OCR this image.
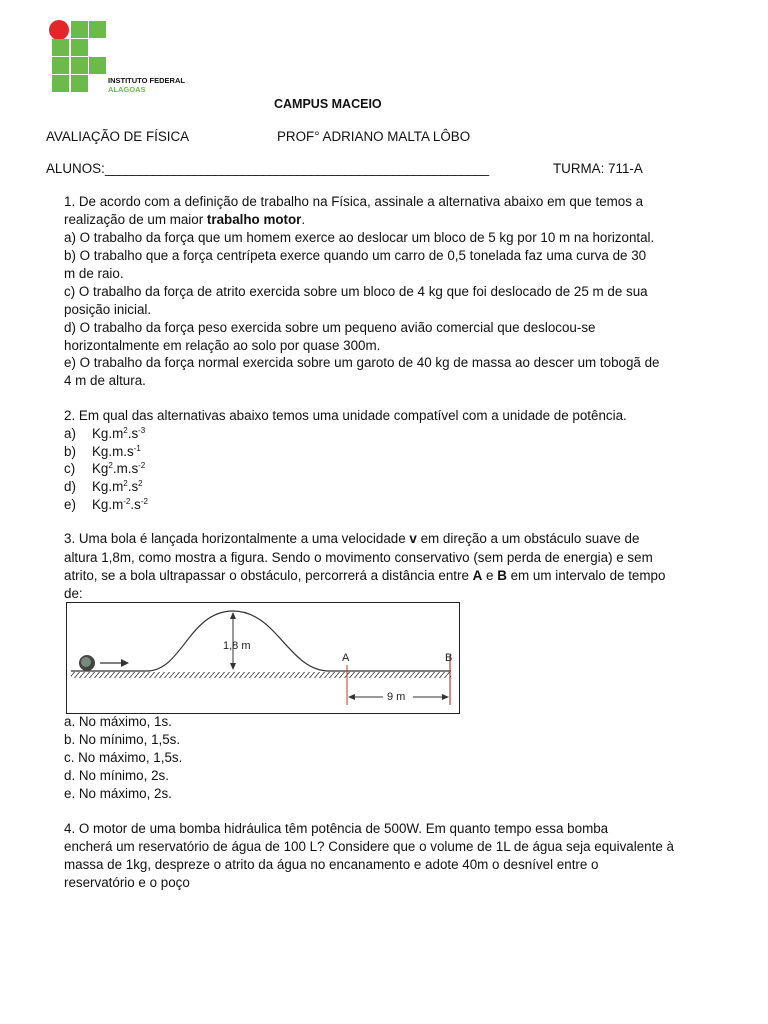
INSTITUTO FEDERAL
ALAGOAS
CAMPUS MACEIO
AVALIAÇÃO DE FÍSICA	PROF° ADRIANO MALTA LÔBO
ALUNOS: ________________________________________________________	TURMA: 711-A
1. De acordo com a definição de trabalho na Física, assinale a alternativa abaixo em que temos a
realização de um maior trabalho motor.
a) O trabalho da força que um homem exerce ao deslocar um bloco de 5 kg por 10 m na horizontal.
b) O trabalho que a força centrípeta exerce quando um carro de 0,5 tonelada faz uma curva de 30
m de raio.
c) O trabalho da força de atrito exercida sobre um bloco de 4 kg que foi deslocado de 25 m de sua
posição inicial.
d) O trabalho da força peso exercida sobre um pequeno avião comercial que deslocou-se
horizontalmente em relação ao solo por quase 300m.
e) O trabalho da força normal exercida sobre um garoto de 40 kg de massa ao descer um tobogã de
4 m de altura.
2. Em qual das alternativas abaixo temos uma unidade compatível com a unidade de potência.
a) $Kg.m^2.s^{-3}$
b) $Kg.m.s^{-1}$
c) $Kg^2.m.s^{-2}$
d) $Kg.m^2.s^2$
e) $Kg.m^{-2}.s^{-2}$
3. Uma bola é lançada horizontalmente a uma velocidade v em direção a um obstáculo suave de
altura 1,8m, como mostra a figura. Sendo o movimento conservativo (sem perda de energia) e sem
atrito, se a bola ultrapassar o obstáculo, percorrerá a distância entre A e B em um intervalo de tempo
de:
1,8 m
A	B
9 m
a. No máximo, 1s.
b. No mínimo, 1,5s.
c. No máximo, 1,5s.
d. No mínimo, 2s.
e. No máximo, 2s.
4. O motor de uma bomba hidráulica têm potência de 500W. Em quanto tempo essa bomba
encherá um reservatório de água de 100 L? Considere que o volume de 1L de água seja equivalente à
massa de 1kg, despreze o atrito da água no encanamento e adote 40m o desnível entre o
reservatório e o poço
